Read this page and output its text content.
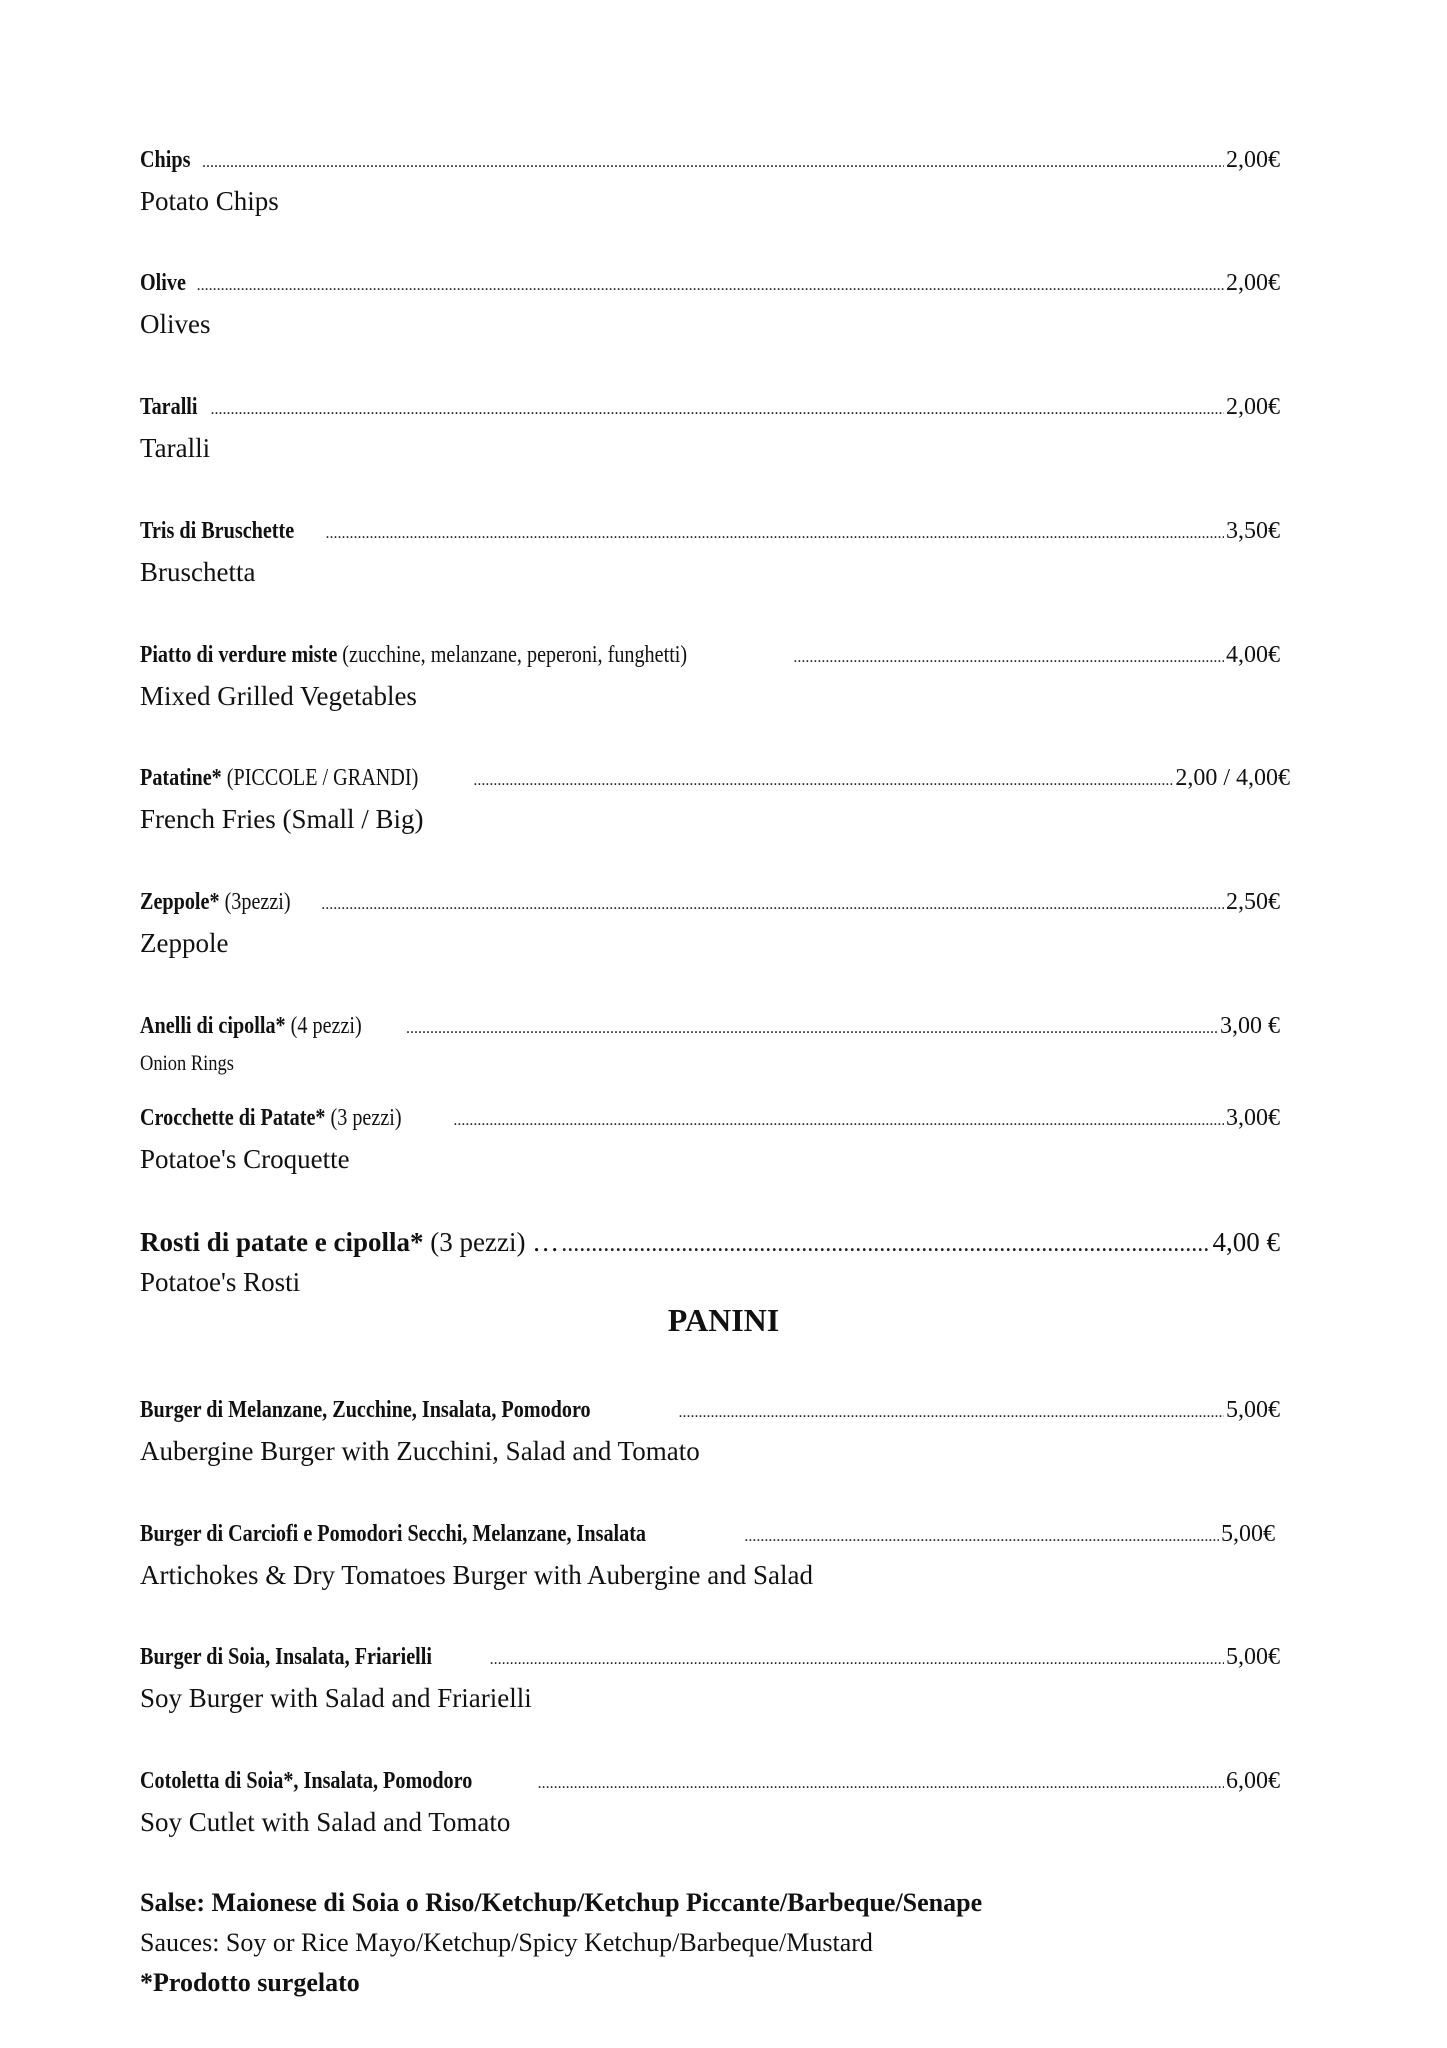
Chips .....	2,00€
Potato Chips
Olive .....	2,00€
Olives
Taralli .....	2,00€
Taralli
Tris di Bruschette .....	3,50€
Bruschetta
Piatto di verdure miste (zucchine, melanzane, peperoni, funghetti) .....	4,00€
Mixed Grilled Vegetables
Patatine* (PICCOLE / GRANDI) .....	2,00 / 4,00€
French Fries (Small / Big)
Zeppole* (3pezzi) .....	2,50€
Zeppole
Anelli di cipolla* (4 pezzi) .....	3,00 €
Onion Rings
Crocchette di Patate* (3 pezzi) .....	3,00€
Potatoe's Croquette
Rosti di patate e cipolla* (3 pezzi) … .....	4,00 €
Potatoe's Rosti
PANINI
Burger di Melanzane, Zucchine, Insalata, Pomodoro .....	5,00€
Aubergine Burger with Zucchini, Salad and Tomato
Burger di Carciofi e Pomodori Secchi, Melanzane, Insalata .....	5,00€
Artichokes & Dry Tomatoes Burger with Aubergine and Salad
Burger di Soia, Insalata, Friarielli .....	5,00€
Soy Burger with Salad and Friarielli
Cotoletta di Soia*, Insalata, Pomodoro .....	6,00€
Soy Cutlet with Salad and Tomato
Salse: Maionese di Soia o Riso/Ketchup/Ketchup Piccante/Barbeque/Senape
Sauces: Soy or Rice Mayo/Ketchup/Spicy Ketchup/Barbeque/Mustard
*Prodotto surgelato
